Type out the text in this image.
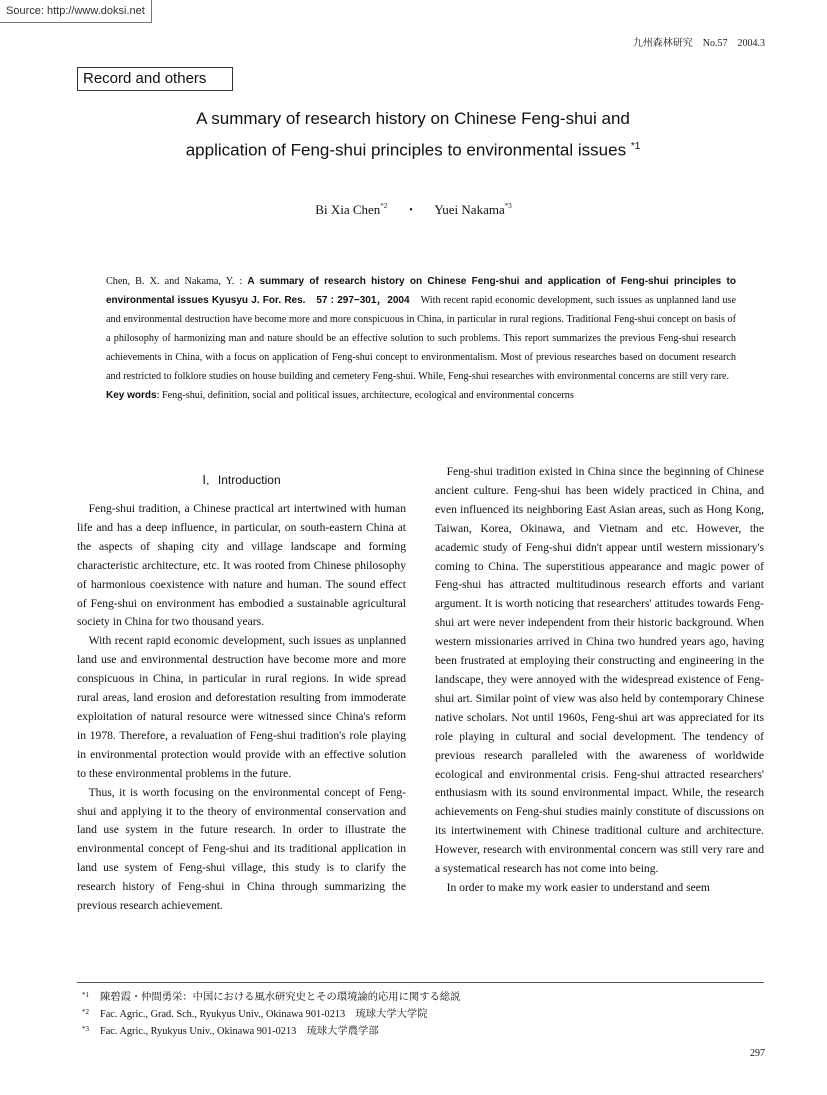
Source: http://www.doksi.net
九州森林研究　No.57　2004.3
Record and others
A summary of research history on Chinese Feng-shui and
application of Feng-shui principles to environmental issues $^{*1}$
Bi Xia Chen$^{*2}$ ・ Yuei Nakama$^{*3}$
Chen, B. X. and Nakama, Y. : A summary of research history on Chinese Feng-shui and application of Feng-shui principles to environmental issues Kyusyu J. For. Res.　57 : 297−301，2004　With recent rapid economic development, such issues as unplanned land use and environmental destruction have become more and more conspicuous in China, in particular in rural regions. Traditional Feng-shui concept on basis of a philosophy of harmonizing man and nature should be an effective solution to such problems. This report summarizes the previous Feng-shui research achievements in China, with a focus on application of Feng-shui concept to environmentalism. Most of previous researches based on document research and restricted to folklore studies on house building and cemetery Feng-shui. While, Feng-shui researches with environmental concerns are still very rare.
Key words: Feng-shui, definition, social and political issues, architecture, ecological and environmental concerns
Ⅰ．Introduction

Feng-shui tradition, a Chinese practical art intertwined with human life and has a deep influence, in particular, on south-eastern China at the aspects of shaping city and village landscape and forming characteristic architecture, etc. It was rooted from Chinese philosophy of harmonious coexistence with nature and human. The sound effect of Feng-shui on environment has embodied a sustainable agricultural society in China for two thousand years.

With recent rapid economic development, such issues as unplanned land use and environmental destruction have become more and more conspicuous in China, in particular in rural regions. In wide spread rural areas, land erosion and deforestation resulting from immoderate exploitation of natural resource were witnessed since China's reform in 1978. Therefore, a revaluation of Feng-shui tradition's role playing in environmental protection would provide with an effective solution to these environmental problems in the future.

Thus, it is worth focusing on the environmental concept of Feng-shui and applying it to the theory of environmental conservation and land use system in the future research. In order to illustrate the environmental concept of Feng-shui and its traditional application in land use system of Feng-shui village, this study is to clarify the research history of Feng-shui in China through summarizing the previous research achievement.

Feng-shui tradition existed in China since the beginning of Chinese ancient culture. Feng-shui has been widely practiced in China, and even influenced its neighboring East Asian areas, such as Hong Kong, Taiwan, Korea, Okinawa, and Vietnam and etc. However, the academic study of Feng-shui didn't appear until western missionary's coming to China. The superstitious appearance and magic power of Feng-shui has attracted multitudinous research efforts and variant argument. It is worth noticing that researchers' attitudes towards Feng-shui art were never independent from their historic background. When western missionaries arrived in China two hundred years ago, having been frustrated at employing their constructing and engineering in the landscape, they were annoyed with the widespread existence of Feng-shui art. Similar point of view was also held by contemporary Chinese native scholars. Not until 1960s, Feng-shui art was appreciated for its role playing in cultural and social development. The tendency of previous research paralleled with the awareness of worldwide ecological and environmental crisis. Feng-shui attracted researchers' enthusiasm with its sound environmental impact. While, the research achievements on Feng-shui studies mainly constitute of discussions on its intertwinement with Chinese traditional culture and architecture. However, research with environmental concern was still very rare and a systematical research has not come into being.

In order to make my work easier to understand and seem

$^{*1}$ 陳碧霞・仲間勇栄：中国における風水研究史とその環境論的応用に関する総説
$^{*2}$ Fac. Agric., Grad. Sch., Ryukyus Univ., Okinawa 901-0213　琉球大学大学院
$^{*3}$ Fac. Agric., Ryukyus Univ., Okinawa 901-0213　琉球大学農学部
297
